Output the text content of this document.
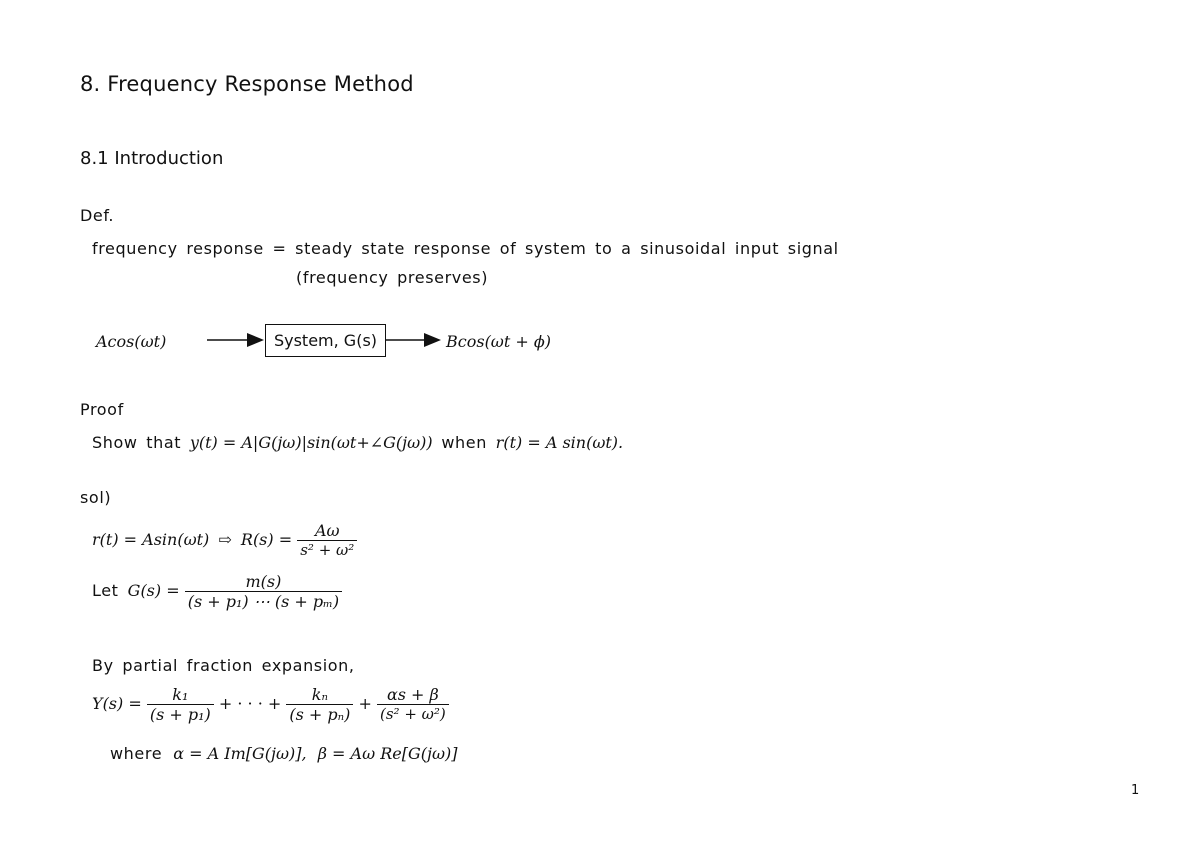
8. Frequency Response Method
8.1 Introduction
Def.
frequency response = steady state response of system to a sinusoidal input signal
(frequency preserves)
Acos(ωt)	System, G(s)	Bcos(ωt + ϕ)
Proof
Show that y(t) = A|G(jω)|sin(ωt+∠G(jω)) when r(t) = A sin(ωt).
sol)
r(t) = Asin(ωt) ⇨ $R(s) = \frac{A\omega}{\text{s² + ω²}}$
Let $G(s) = \frac{m(s)}{\text{(s + p₁) ⋯ (s + pₘ)}}$
By partial fraction expansion,
$Y(s) = \frac{\text{k₁}}{\text{(s + p₁)}}$ + · · · + $\frac{\text{kₙ}}{\text{(s + pₙ)}} + \frac{\alpha s + \beta}{\text{(s² + ω²)}}$
where α = A Im[G(jω)], β = Aω Re[G(jω)]
1
